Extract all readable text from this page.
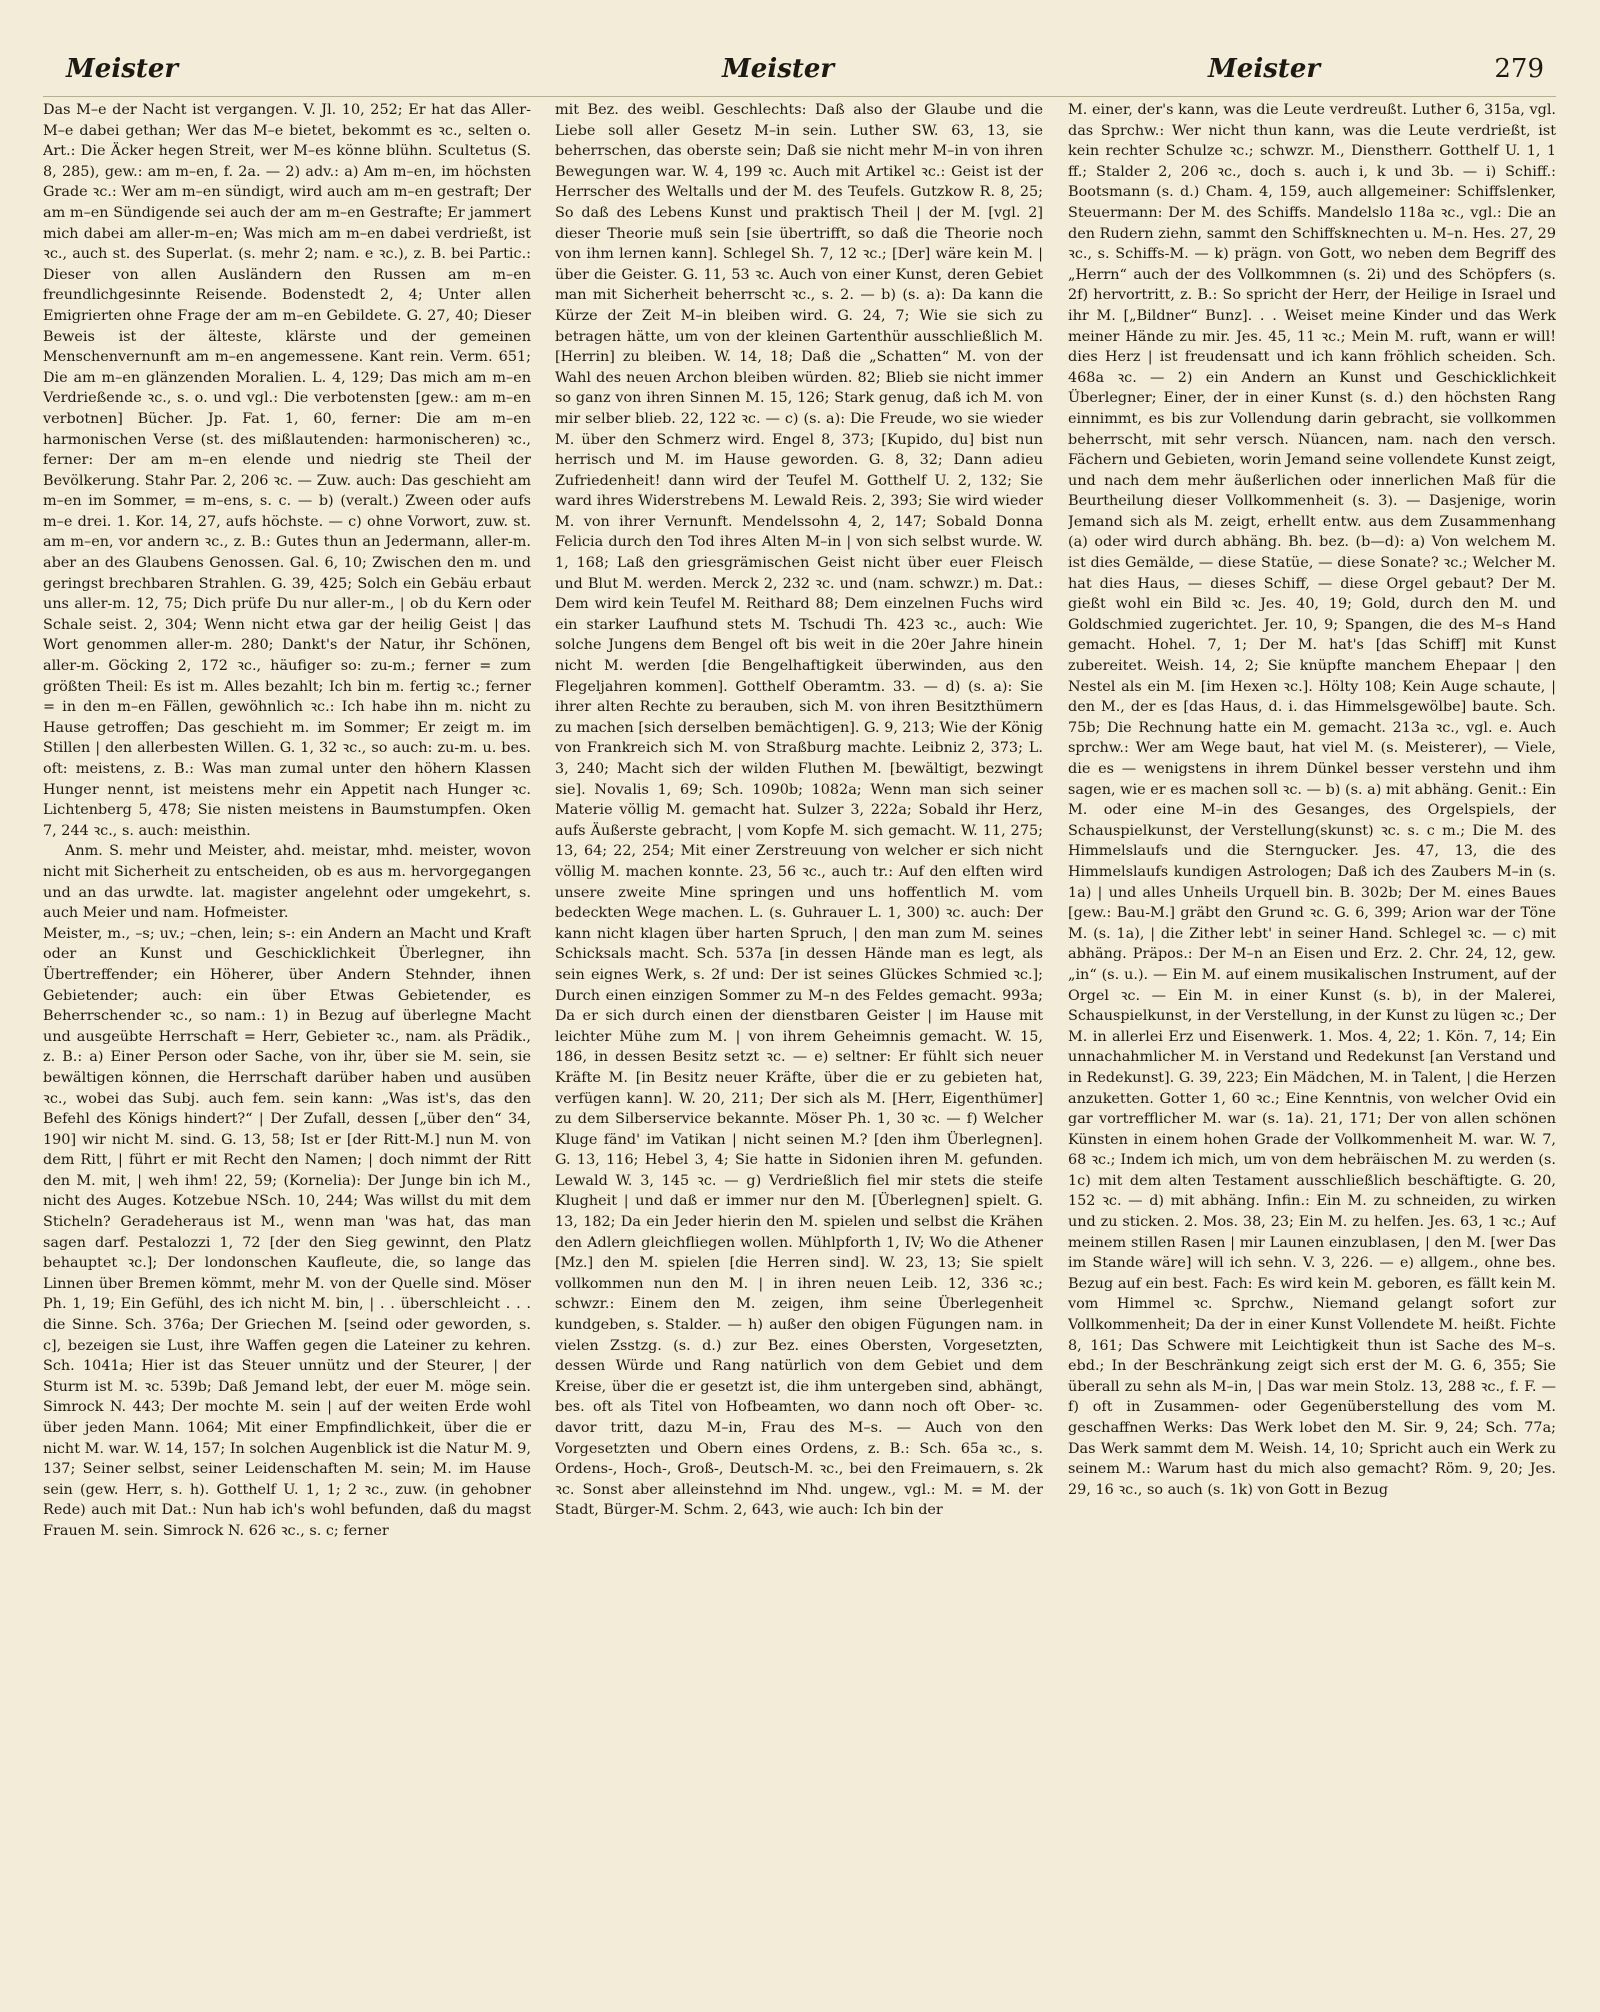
Meister	Meister	Meister	279

Das M–e der Nacht ist vergangen. V. Jl. 10, 252; Er hat das Aller-M–e dabei gethan; Wer das M–e bietet, bekommt es ꝛc., selten o. Art.: Die Äcker hegen Streit, wer M–es könne blühn. Scultetus (S. 8, 285), gew.: am m–en, f. 2a. — 2) adv.: a) Am m–en, im höchsten Grade ꝛc.: Wer am m–en sündigt, wird auch am m–en gestraft; Der am m–en Sündigende sei auch der am m–en Gestrafte; Er jammert mich dabei am aller-m–en; Was mich am m–en dabei verdrießt, ist ꝛc., auch st. des Superlat. (s. mehr 2; nam. e ꝛc.), z. B. bei Partic.: Dieser von allen Ausländern den Russen am m–en freundlichgesinnte Reisende. Bodenstedt 2, 4; Unter allen Emigrierten ohne Frage der am m–en Gebildete. G. 27, 40; Dieser Beweis ist der älteste, klärste und der gemeinen Menschenvernunft am m–en angemessene. Kant rein. Verm. 651; Die am m–en glänzenden Moralien. L. 4, 129; Das mich am m–en Verdrießende ꝛc., s. o. und vgl.: Die verbotensten [gew.: am m–en verbotnen] Bücher. Jp. Fat. 1, 60, ferner: Die am m–en harmonischen Verse (st. des mißlautenden: harmonischeren) ꝛc., ferner: Der am m–en elende und niedrig ste Theil der Bevölkerung. Stahr Par. 2, 206 ꝛc. — Zuw. auch: Das geschieht am m–en im Sommer, = m–ens, s. c. — b) (veralt.) Zween oder aufs m–e drei. 1. Kor. 14, 27, aufs höchste. — c) ohne Vorwort, zuw. st. am m–en, vor andern ꝛc., z. B.: Gutes thun an Jedermann, aller-m. aber an des Glaubens Genossen. Gal. 6, 10; Zwischen den m. und geringst brechbaren Strahlen. G. 39, 425; Solch ein Gebäu erbaut uns aller-m. 12, 75; Dich prüfe Du nur aller-m., | ob du Kern oder Schale seist. 2, 304; Wenn nicht etwa gar der heilig Geist | das Wort genommen aller-m. 280; Dankt's der Natur, ihr Schönen, aller-m. Göcking 2, 172 ꝛc., häufiger so: zu-m.; ferner = zum größten Theil: Es ist m. Alles bezahlt; Ich bin m. fertig ꝛc.; ferner = in den m–en Fällen, gewöhnlich ꝛc.: Ich habe ihn m. nicht zu Hause getroffen; Das geschieht m. im Sommer; Er zeigt m. im Stillen | den allerbesten Willen. G. 1, 32 ꝛc., so auch: zu-m. u. bes. oft: meistens, z. B.: Was man zumal unter den höhern Klassen Hunger nennt, ist meistens mehr ein Appetit nach Hunger ꝛc. Lichtenberg 5, 478; Sie nisten meistens in Baumstumpfen. Oken 7, 244 ꝛc., s. auch: meisthin.

Anm. S. mehr und Meister, ahd. meistar, mhd. meister, wovon nicht mit Sicherheit zu entscheiden, ob es aus m. hervorgegangen und an das urwdte. lat. magister angelehnt oder umgekehrt, s. auch Meier und nam. Hofmeister.

Meister, m., –s; uv.; –chen, lein; s-: ein Andern an Macht und Kraft oder an Kunst und Geschicklichkeit Überlegner, ihn Übertreffender; ein Höherer, über Andern Stehnder, ihnen Gebietender; auch: ein über Etwas Gebietender, es Beherrschender ꝛc., so nam.: 1) in Bezug auf überlegne Macht und ausgeübte Herrschaft = Herr, Gebieter ꝛc., nam. als Prädik., z. B.: a) Einer Person oder Sache, von ihr, über sie M. sein, sie bewältigen können, die Herrschaft darüber haben und ausüben ꝛc., wobei das Subj. auch fem. sein kann: „Was ist's, das den Befehl des Königs hindert?“ | Der Zufall, dessen [„über den“ 34, 190] wir nicht M. sind. G. 13, 58; Ist er [der Ritt-M.] nun M. von dem Ritt, | führt er mit Recht den Namen; | doch nimmt der Ritt den M. mit, | weh ihm! 22, 59; (Kornelia): Der Junge bin ich M., nicht des Auges. Kotzebue NSch. 10, 244; Was willst du mit dem Sticheln? Geradeheraus ist M., wenn man 'was hat, das man sagen darf. Pestalozzi 1, 72 [der den Sieg gewinnt, den Platz behauptet ꝛc.]; Der londonschen Kaufleute, die, so lange das Linnen über Bremen kömmt, mehr M. von der Quelle sind. Möser Ph. 1, 19; Ein Gefühl, des ich nicht M. bin, | . . überschleicht . . . die Sinne. Sch. 376a; Der Griechen M. [seind oder geworden, s. c], bezeigen sie Lust, ihre Waffen gegen die Lateiner zu kehren. Sch. 1041a; Hier ist das Steuer unnütz und der Steurer, | der Sturm ist M. ꝛc. 539b; Daß Jemand lebt, der euer M. möge sein. Simrock N. 443; Der mochte M. sein | auf der weiten Erde wohl über jeden Mann. 1064; Mit einer Empfindlichkeit, über die er nicht M. war. W. 14, 157; In solchen Augenblick ist die Natur M. 9, 137; Seiner selbst, seiner Leidenschaften M. sein; M. im Hause sein (gew. Herr, s. h). Gotthelf U. 1, 1; 2 ꝛc., zuw. (in gehobner Rede) auch mit Dat.: Nun hab ich's wohl befunden, daß du magst Frauen M. sein. Simrock N. 626 ꝛc., s. c; ferner

mit Bez. des weibl. Geschlechts: Daß also der Glaube und die Liebe soll aller Gesetz M–in sein. Luther SW. 63, 13, sie beherrschen, das oberste sein; Daß sie nicht mehr M–in von ihren Bewegungen war. W. 4, 199 ꝛc. Auch mit Artikel ꝛc.: Geist ist der Herrscher des Weltalls und der M. des Teufels. Gutzkow R. 8, 25; So daß des Lebens Kunst und praktisch Theil | der M. [vgl. 2] dieser Theorie muß sein [sie übertrifft, so daß die Theorie noch von ihm lernen kann]. Schlegel Sh. 7, 12 ꝛc.; [Der] wäre kein M. | über die Geister. G. 11, 53 ꝛc. Auch von einer Kunst, deren Gebiet man mit Sicherheit beherrscht ꝛc., s. 2. — b) (s. a): Da kann die Kürze der Zeit M–in bleiben wird. G. 24, 7; Wie sie sich zu betragen hätte, um von der kleinen Gartenthür ausschließlich M. [Herrin] zu bleiben. W. 14, 18; Daß die „Schatten“ M. von der Wahl des neuen Archon bleiben würden. 82; Blieb sie nicht immer so ganz von ihren Sinnen M. 15, 126; Stark genug, daß ich M. von mir selber blieb. 22, 122 ꝛc. — c) (s. a): Die Freude, wo sie wieder M. über den Schmerz wird. Engel 8, 373; [Kupido, du] bist nun herrisch und M. im Hause geworden. G. 8, 32; Dann adieu Zufriedenheit! dann wird der Teufel M. Gotthelf U. 2, 132; Sie ward ihres Widerstrebens M. Lewald Reis. 2, 393; Sie wird wieder M. von ihrer Vernunft. Mendelssohn 4, 2, 147; Sobald Donna Felicia durch den Tod ihres Alten M–in | von sich selbst wurde. W. 1, 168; Laß den griesgrämischen Geist nicht über euer Fleisch und Blut M. werden. Merck 2, 232 ꝛc. und (nam. schwzr.) m. Dat.: Dem wird kein Teufel M. Reithard 88; Dem einzelnen Fuchs wird ein starker Laufhund stets M. Tschudi Th. 423 ꝛc., auch: Wie solche Jungens dem Bengel oft bis weit in die 20er Jahre hinein nicht M. werden [die Bengelhaftigkeit überwinden, aus den Flegeljahren kommen]. Gotthelf Oberamtm. 33. — d) (s. a): Sie ihrer alten Rechte zu berauben, sich M. von ihren Besitzthümern zu machen [sich derselben bemächtigen]. G. 9, 213; Wie der König von Frankreich sich M. von Straßburg machte. Leibniz 2, 373; L. 3, 240; Macht sich der wilden Fluthen M. [bewältigt, bezwingt sie]. Novalis 1, 69; Sch. 1090b; 1082a; Wenn man sich seiner Materie völlig M. gemacht hat. Sulzer 3, 222a; Sobald ihr Herz, aufs Äußerste gebracht, | vom Kopfe M. sich gemacht. W. 11, 275; 13, 64; 22, 254; Mit einer Zerstreuung von welcher er sich nicht völlig M. machen konnte. 23, 56 ꝛc., auch tr.: Auf den elften wird unsere zweite Mine springen und uns hoffentlich M. vom bedeckten Wege machen. L. (s. Guhrauer L. 1, 300) ꝛc. auch: Der kann nicht klagen über harten Spruch, | den man zum M. seines Schicksals macht. Sch. 537a [in dessen Hände man es legt, als sein eignes Werk, s. 2f und: Der ist seines Glückes Schmied ꝛc.]; Durch einen einzigen Sommer zu M–n des Feldes gemacht. 993a; Da er sich durch einen der dienstbaren Geister | im Hause mit leichter Mühe zum M. | von ihrem Geheimnis gemacht. W. 15, 186, in dessen Besitz setzt ꝛc. — e) seltner: Er fühlt sich neuer Kräfte M. [in Besitz neuer Kräfte, über die er zu gebieten hat, verfügen kann]. W. 20, 211; Der sich als M. [Herr, Eigenthümer] zu dem Silberservice bekannte. Möser Ph. 1, 30 ꝛc. — f) Welcher Kluge fänd' im Vatikan | nicht seinen M.? [den ihm Überlegnen]. G. 13, 116; Hebel 3, 4; Sie hatte in Sidonien ihren M. gefunden. Lewald W. 3, 145 ꝛc. — g) Verdrießlich fiel mir stets die steife Klugheit | und daß er immer nur den M. [Überlegnen] spielt. G. 13, 182; Da ein Jeder hierin den M. spielen und selbst die Krähen den Adlern gleichfliegen wollen. Mühlpforth 1, IV; Wo die Athener [Mz.] den M. spielen [die Herren sind]. W. 23, 13; Sie spielt vollkommen nun den M. | in ihren neuen Leib. 12, 336 ꝛc.; schwzr.: Einem den M. zeigen, ihm seine Überlegenheit kundgeben, s. Stalder. — h) außer den obigen Fügungen nam. in vielen Zsstzg. (s. d.) zur Bez. eines Obersten, Vorgesetzten, dessen Würde und Rang natürlich von dem Gebiet und dem Kreise, über die er gesetzt ist, die ihm untergeben sind, abhängt, bes. oft als Titel von Hofbeamten, wo dann noch oft Ober- ꝛc. davor tritt, dazu M–in, Frau des M–s. — Auch von den Vorgesetzten und Obern eines Ordens, z. B.: Sch. 65a ꝛc., s. Ordens-, Hoch-, Groß-, Deutsch-M. ꝛc., bei den Freimauern, s. 2k ꝛc. Sonst aber alleinstehnd im Nhd. ungew., vgl.: M. = M. der Stadt, Bürger-M. Schm. 2, 643, wie auch: Ich bin der

M. einer, der's kann, was die Leute verdreußt. Luther 6, 315a, vgl. das Sprchw.: Wer nicht thun kann, was die Leute verdrießt, ist kein rechter Schulze ꝛc.; schwzr. M., Dienstherr. Gotthelf U. 1, 1 ff.; Stalder 2, 206 ꝛc., doch s. auch i, k und 3b. — i) Schiff.: Bootsmann (s. d.) Cham. 4, 159, auch allgemeiner: Schiffslenker, Steuermann: Der M. des Schiffs. Mandelslo 118a ꝛc., vgl.: Die an den Rudern ziehn, sammt den Schiffsknechten u. M–n. Hes. 27, 29 ꝛc., s. Schiffs-M. — k) prägn. von Gott, wo neben dem Begriff des „Herrn“ auch der des Vollkommnen (s. 2i) und des Schöpfers (s. 2f) hervortritt, z. B.: So spricht der Herr, der Heilige in Israel und ihr M. [„Bildner“ Bunz]. . . Weiset meine Kinder und das Werk meiner Hände zu mir. Jes. 45, 11 ꝛc.; Mein M. ruft, wann er will! dies Herz | ist freudensatt und ich kann fröhlich scheiden. Sch. 468a ꝛc. — 2) ein Andern an Kunst und Geschicklichkeit Überlegner; Einer, der in einer Kunst (s. d.) den höchsten Rang einnimmt, es bis zur Vollendung darin gebracht, sie vollkommen beherrscht, mit sehr versch. Nüancen, nam. nach den versch. Fächern und Gebieten, worin Jemand seine vollendete Kunst zeigt, und nach dem mehr äußerlichen oder innerlichen Maß für die Beurtheilung dieser Vollkommenheit (s. 3). — Dasjenige, worin Jemand sich als M. zeigt, erhellt entw. aus dem Zusammenhang (a) oder wird durch abhäng. Bh. bez. (b—d): a) Von welchem M. ist dies Gemälde, — diese Statüe, — diese Sonate? ꝛc.; Welcher M. hat dies Haus, — dieses Schiff, — diese Orgel gebaut? Der M. gießt wohl ein Bild ꝛc. Jes. 40, 19; Gold, durch den M. und Goldschmied zugerichtet. Jer. 10, 9; Spangen, die des M–s Hand gemacht. Hohel. 7, 1; Der M. hat's [das Schiff] mit Kunst zubereitet. Weish. 14, 2; Sie knüpfte manchem Ehepaar | den Nestel als ein M. [im Hexen ꝛc.]. Hölty 108; Kein Auge schaute, | den M., der es [das Haus, d. i. das Himmelsgewölbe] baute. Sch. 75b; Die Rechnung hatte ein M. gemacht. 213a ꝛc., vgl. e. Auch sprchw.: Wer am Wege baut, hat viel M. (s. Meisterer), — Viele, die es — wenigstens in ihrem Dünkel besser verstehn und ihm sagen, wie er es machen soll ꝛc. — b) (s. a) mit abhäng. Genit.: Ein M. oder eine M–in des Gesanges, des Orgelspiels, der Schauspielkunst, der Verstellung(skunst) ꝛc. s. c m.; Die M. des Himmelslaufs und die Sterngucker. Jes. 47, 13, die des Himmelslaufs kundigen Astrologen; Daß ich des Zaubers M–in (s. 1a) | und alles Unheils Urquell bin. B. 302b; Der M. eines Baues [gew.: Bau-M.] gräbt den Grund ꝛc. G. 6, 399; Arion war der Töne M. (s. 1a), | die Zither lebt' in seiner Hand. Schlegel ꝛc. — c) mit abhäng. Präpos.: Der M–n an Eisen und Erz. 2. Chr. 24, 12, gew. „in“ (s. u.). — Ein M. auf einem musikalischen Instrument, auf der Orgel ꝛc. — Ein M. in einer Kunst (s. b), in der Malerei, Schauspielkunst, in der Verstellung, in der Kunst zu lügen ꝛc.; Der M. in allerlei Erz und Eisenwerk. 1. Mos. 4, 22; 1. Kön. 7, 14; Ein unnachahmlicher M. in Verstand und Redekunst [an Verstand und in Redekunst]. G. 39, 223; Ein Mädchen, M. in Talent, | die Herzen anzuketten. Gotter 1, 60 ꝛc.; Eine Kenntnis, von welcher Ovid ein gar vortrefflicher M. war (s. 1a). 21, 171; Der von allen schönen Künsten in einem hohen Grade der Vollkommenheit M. war. W. 7, 68 ꝛc.; Indem ich mich, um von dem hebräischen M. zu werden (s. 1c) mit dem alten Testament ausschließlich beschäftigte. G. 20, 152 ꝛc. — d) mit abhäng. Infin.: Ein M. zu schneiden, zu wirken und zu sticken. 2. Mos. 38, 23; Ein M. zu helfen. Jes. 63, 1 ꝛc.; Auf meinem stillen Rasen | mir Launen einzublasen, | den M. [wer Das im Stande wäre] will ich sehn. V. 3, 226. — e) allgem., ohne bes. Bezug auf ein best. Fach: Es wird kein M. geboren, es fällt kein M. vom Himmel ꝛc. Sprchw., Niemand gelangt sofort zur Vollkommenheit; Da der in einer Kunst Vollendete M. heißt. Fichte 8, 161; Das Schwere mit Leichtigkeit thun ist Sache des M–s. ebd.; In der Beschränkung zeigt sich erst der M. G. 6, 355; Sie überall zu sehn als M–in, | Das war mein Stolz. 13, 288 ꝛc., f. F. — f) oft in Zusammen- oder Gegenüberstellung des vom M. geschaffnen Werks: Das Werk lobet den M. Sir. 9, 24; Sch. 77a; Das Werk sammt dem M. Weish. 14, 10; Spricht auch ein Werk zu seinem M.: Warum hast du mich also gemacht? Röm. 9, 20; Jes. 29, 16 ꝛc., so auch (s. 1k) von Gott in Bezug
